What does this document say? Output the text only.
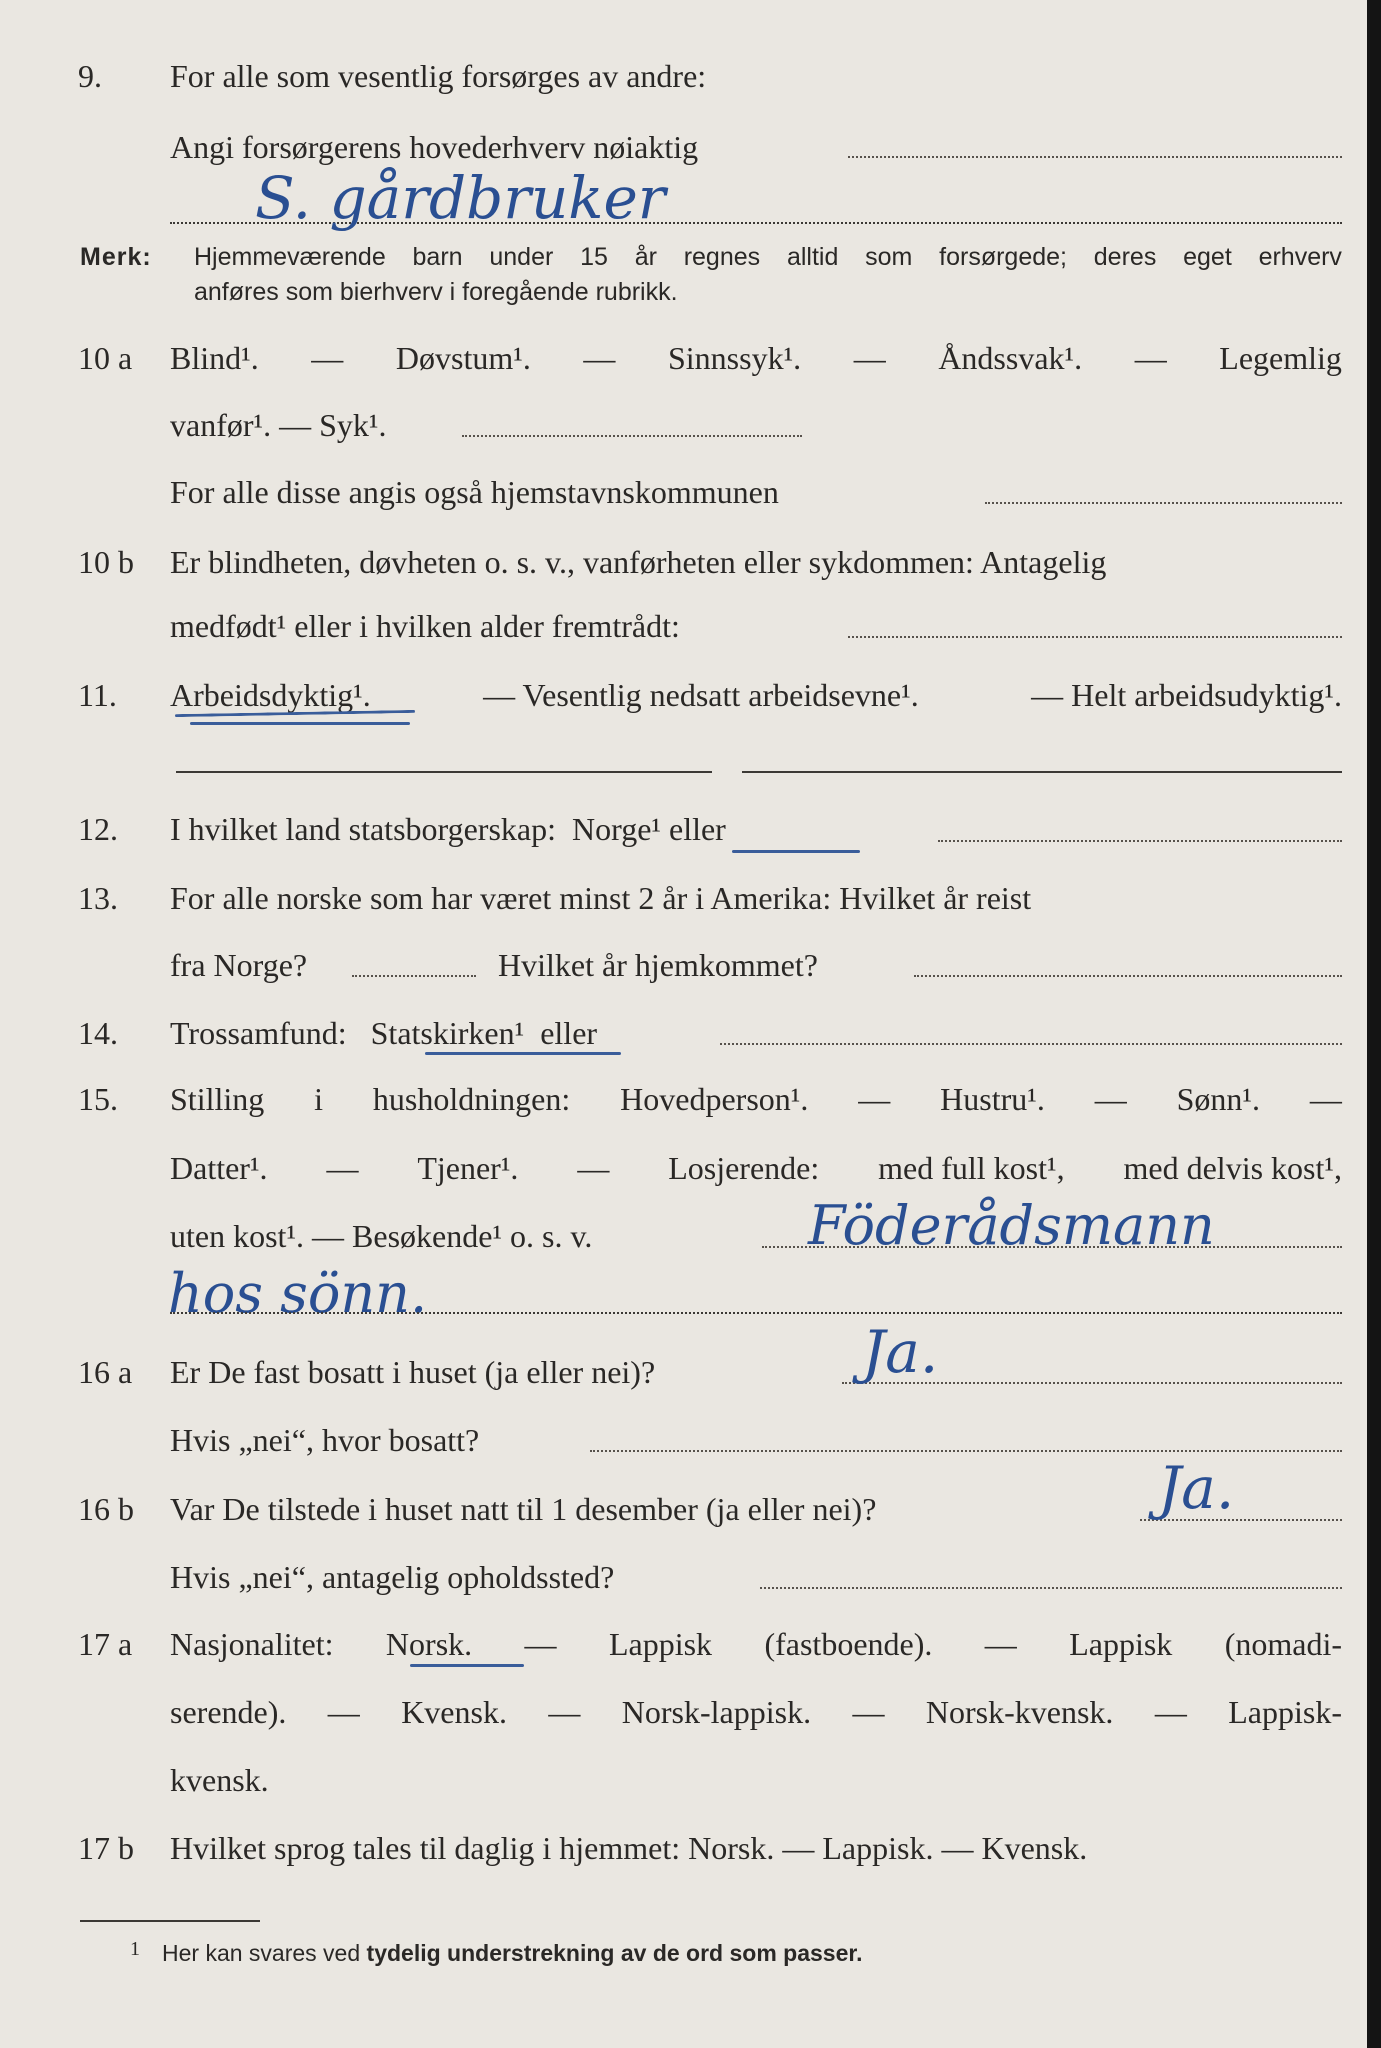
9. For alle som vesentlig forsørges av andre:
Angi forsørgerens hovederhverv nøiaktig
S. gårdbruker
Merk: Hjemmeværende barn under 15 år regnes alltid som forsørgede; deres eget erhverv
anføres som bierhverv i foregående rubrikk.
10 a Blind¹. — Døvstum¹. — Sinnssyk¹. — Åndssvak¹. — Legemlig
vanfør¹. — Syk¹.
For alle disse angis også hjemstavnskommunen
10 b Er blindheten, døvheten o. s. v., vanførheten eller sykdommen: Antagelig
medfødt¹ eller i hvilken alder fremtrådt:
11. Arbeidsdyktig¹.	— Vesentlig nedsatt arbeidsevne¹.	— Helt arbeidsudyktig¹.
12. I hvilket land statsborgerskap: Norge¹ eller
13. For alle norske som har været minst 2 år i Amerika: Hvilket år reist
fra Norge?	Hvilket år hjemkommet?
14. Trossamfund: Statskirken¹ eller
15. Stilling i husholdningen: Hovedperson¹. — Hustru¹. — Sønn¹. —
Datter¹. — Tjener¹. — Losjerende: med full kost¹, med delvis kost¹,
uten kost¹. — Besøkende¹ o. s. v.	Föderådsmann
hos sönn.
16 a Er De fast bosatt i huset (ja eller nei)?	Ja.
Hvis „nei“, hvor bosatt?
16 b Var De tilstede i huset natt til 1 desember (ja eller nei)?	Ja.
Hvis „nei“, antagelig opholdssted?
17 a Nasjonalitet: Norsk. — Lappisk (fastboende). — Lappisk (nomadi-
serende). — Kvensk. — Norsk-lappisk. — Norsk-kvensk. — Lappisk-
kvensk.
17 b Hvilket sprog tales til daglig i hjemmet: Norsk. — Lappisk. — Kvensk.
1 Her kan svares ved tydelig understrekning av de ord som passer.
